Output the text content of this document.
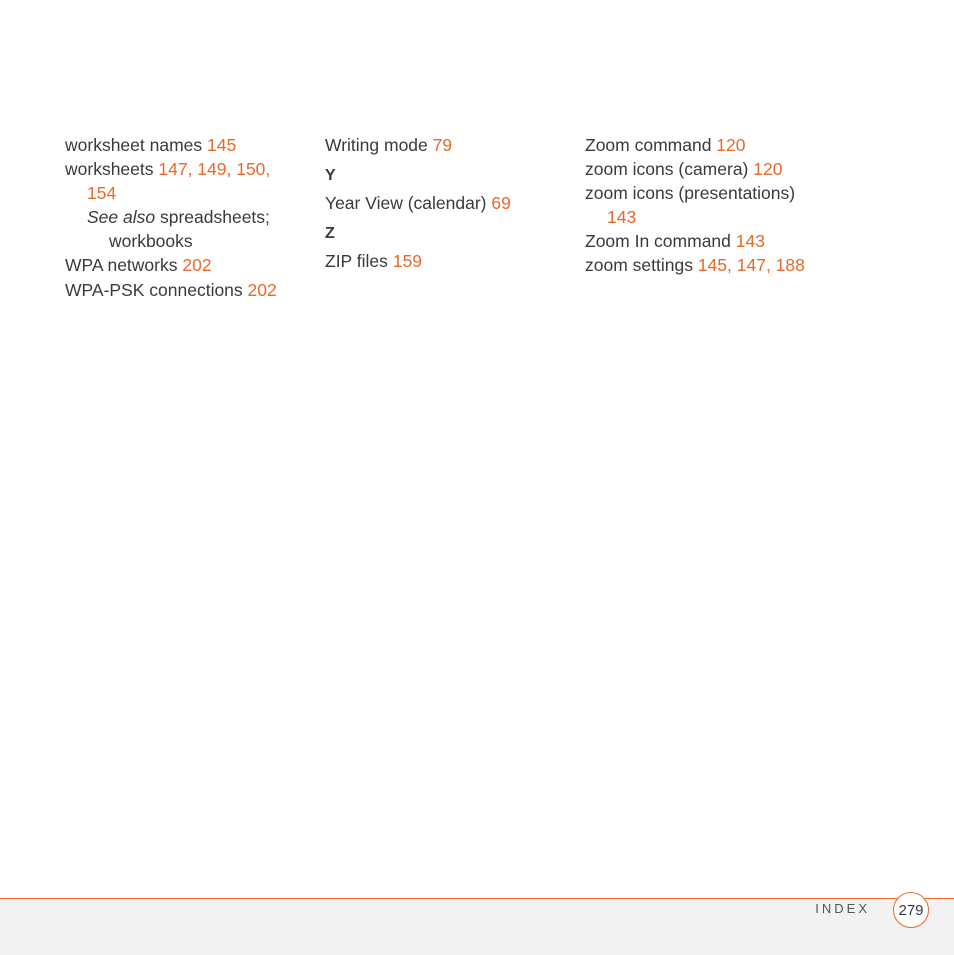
worksheet names 145
worksheets 147, 149, 150,
154
See also spreadsheets;
workbooks
WPA networks 202
WPA-PSK connections 202
Writing mode 79
Y
Year View (calendar) 69
Z
ZIP files 159
Zoom command 120
zoom icons (camera) 120
zoom icons (presentations)
143
Zoom In command 143
zoom settings 145, 147, 188
INDEX 279
